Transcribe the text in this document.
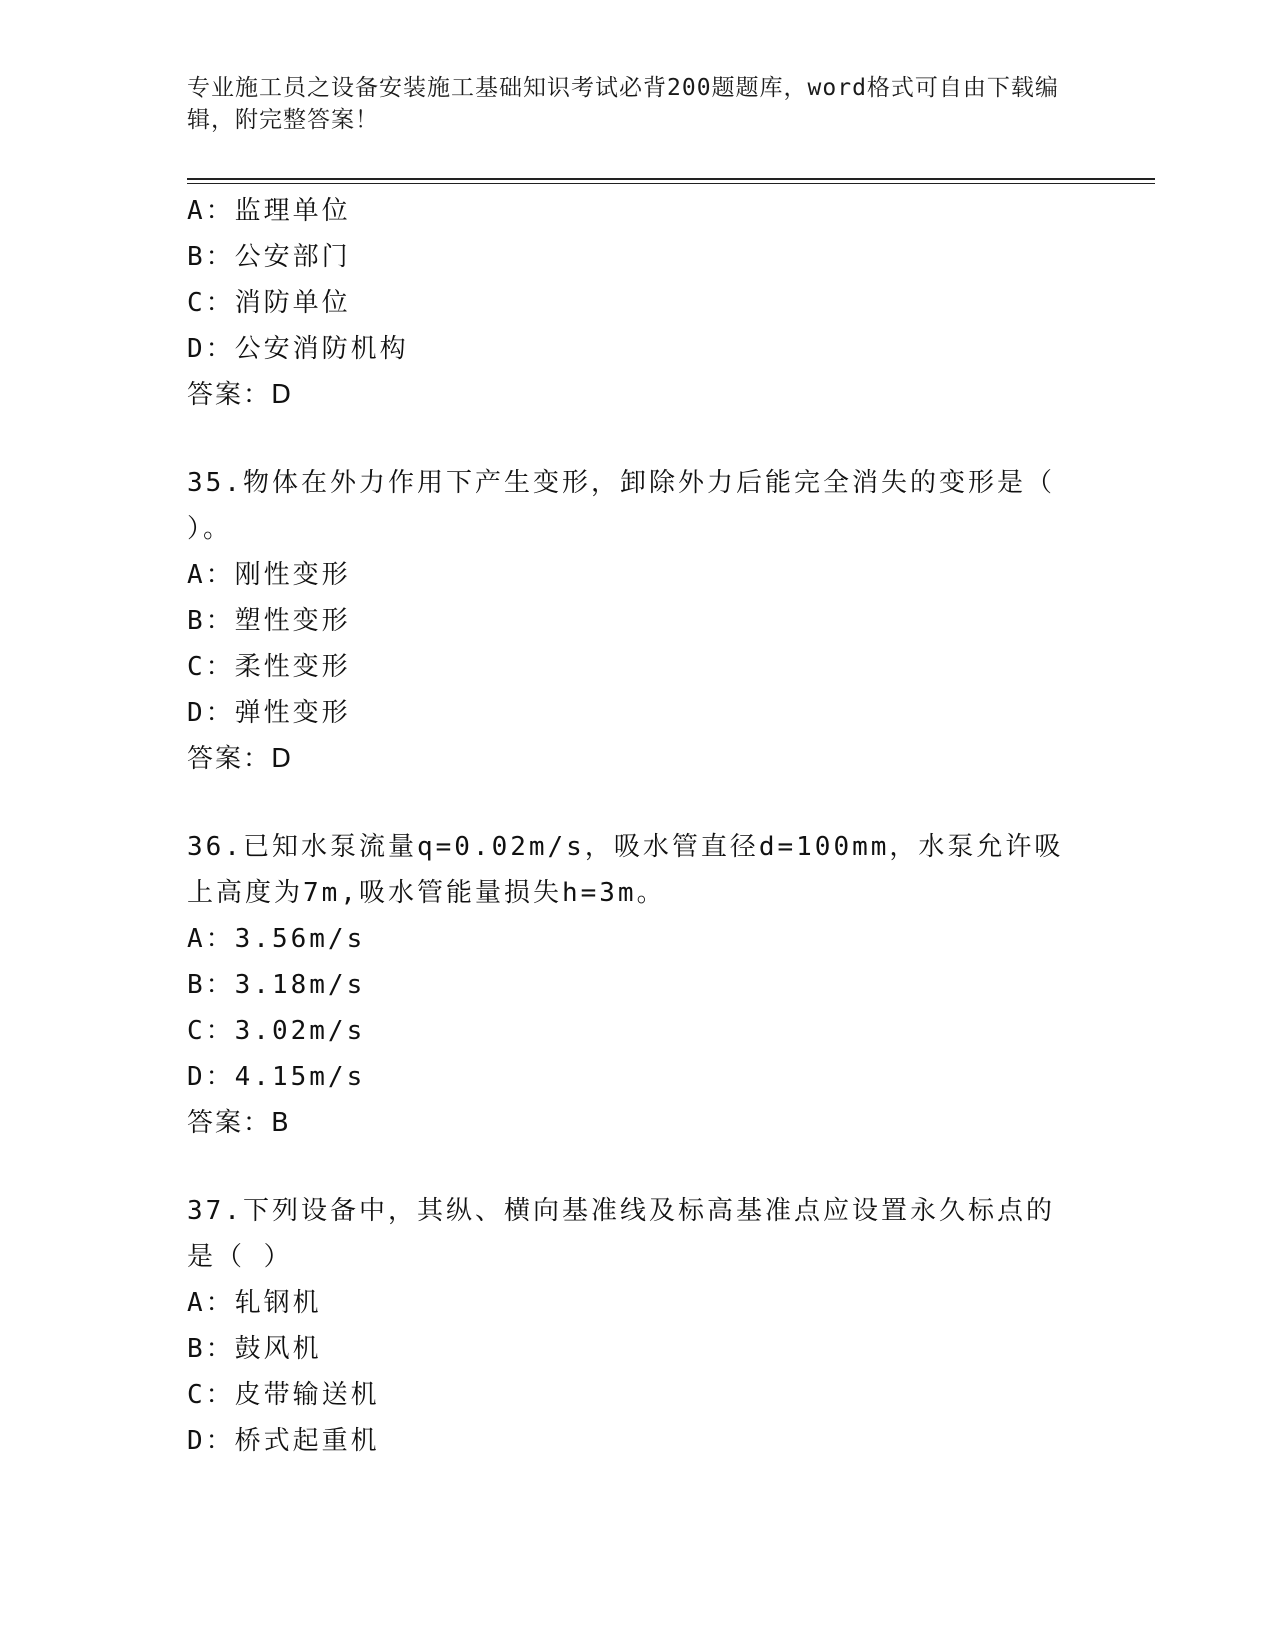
专业施工员之设备安装施工基础知识考试必背200题题库，word格式可自由下载编辑，附完整答案！
A：监理单位
B：公安部门
C：消防单位
D：公安消防机构
答案：D
35.物体在外力作用下产生变形，卸除外力后能完全消失的变形是（ ）。
A：刚性变形
B：塑性变形
C：柔性变形
D：弹性变形
答案：D
36.已知水泵流量q=0.02m/s，吸水管直径d=100mm，水泵允许吸上高度为7m,吸水管能量损失h=3m。
A：3.56m/s
B：3.18m/s
C：3.02m/s
D：4.15m/s
答案：B
37.下列设备中，其纵、横向基准线及标高基准点应设置永久标点的是（ ）
A：轧钢机
B：鼓风机
C：皮带输送机
D：桥式起重机
